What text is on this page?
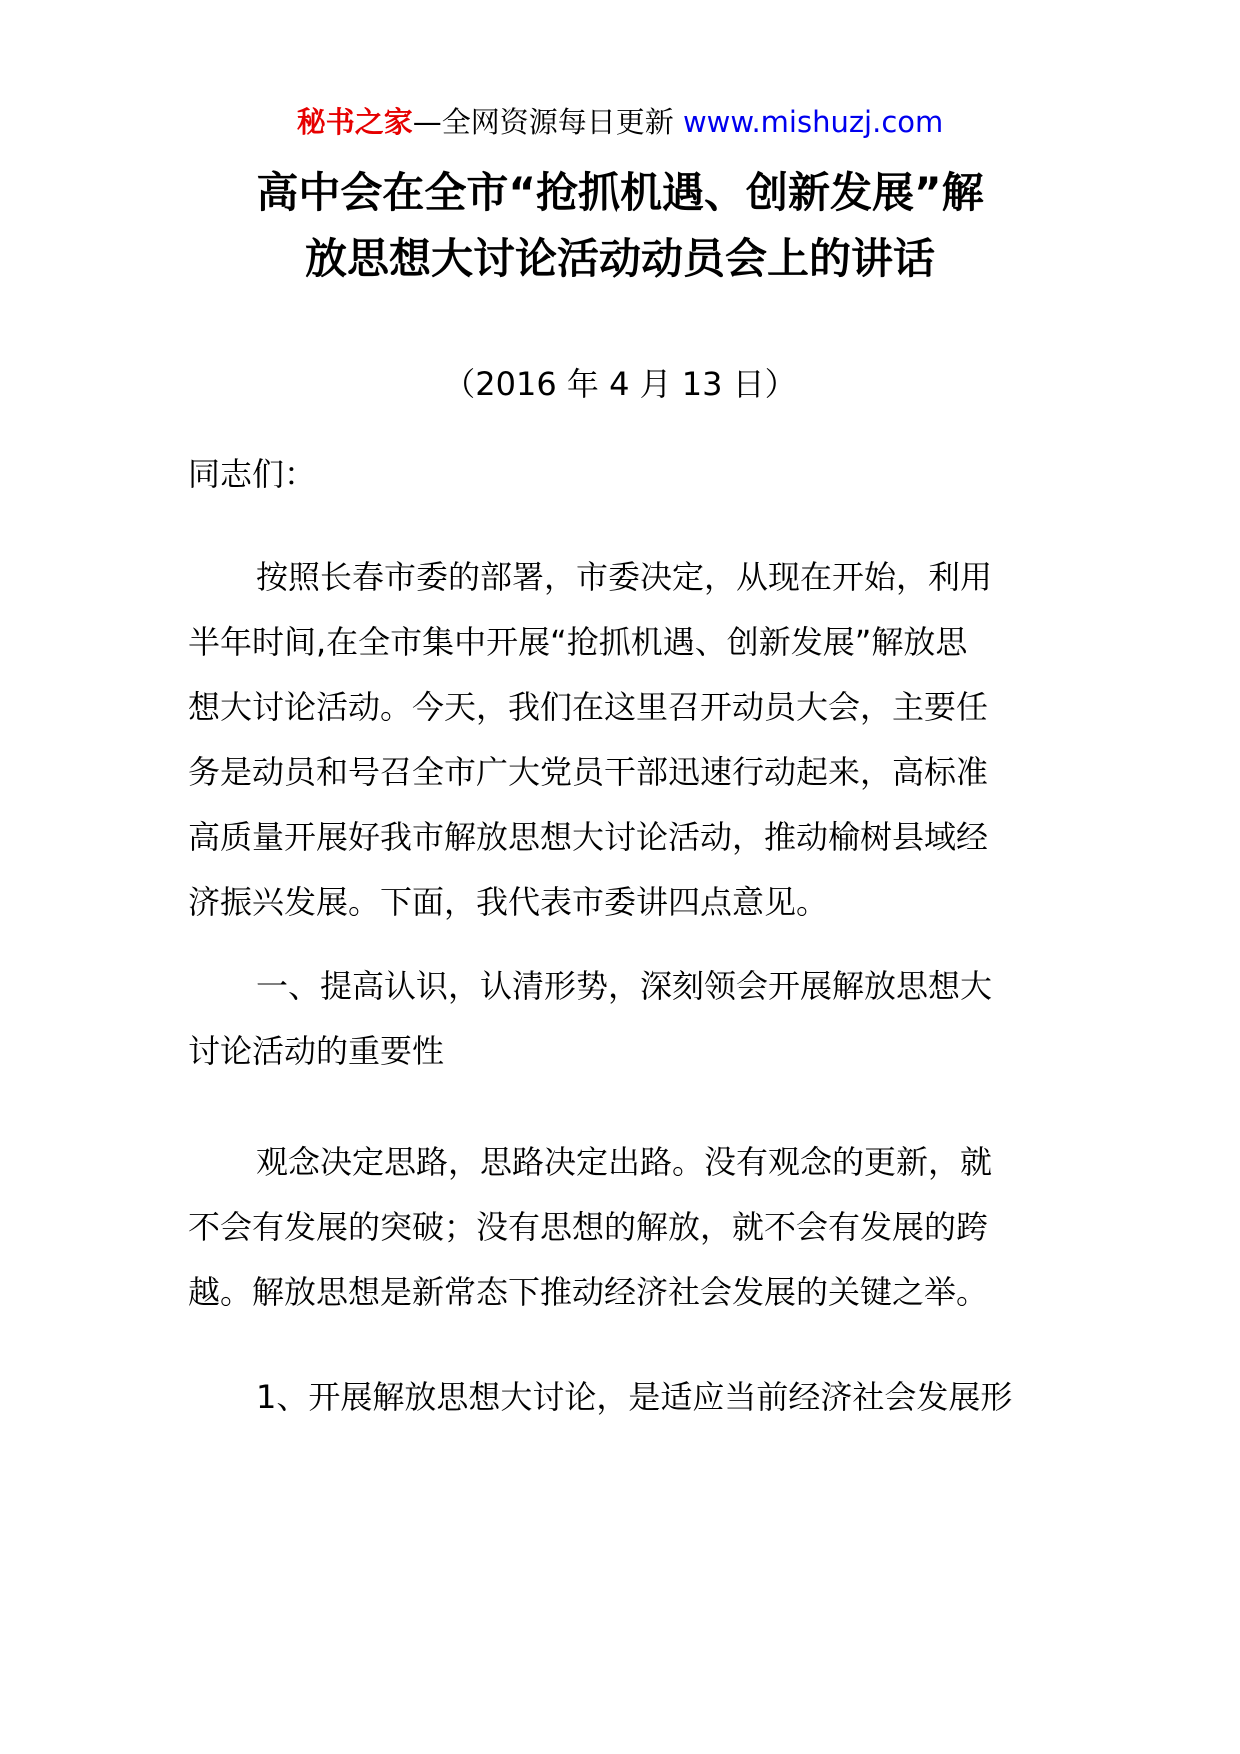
秘书之家—全网资源每日更新 www.mishuzj.com
高中会在全市“抢抓机遇、创新发展”解
放思想大讨论活动动员会上的讲话
（2016 年 4 月 13 日）
同志们：
按照长春市委的部署，市委决定，从现在开始，利用
半年时间,在全市集中开展“抢抓机遇、创新发展”解放思
想大讨论活动。今天，我们在这里召开动员大会，主要任
务是动员和号召全市广大党员干部迅速行动起来，高标准
高质量开展好我市解放思想大讨论活动，推动榆树县域经
济振兴发展。下面，我代表市委讲四点意见。
一、提高认识，认清形势，深刻领会开展解放思想大
讨论活动的重要性
观念决定思路，思路决定出路。没有观念的更新，就
不会有发展的突破；没有思想的解放，就不会有发展的跨
越。解放思想是新常态下推动经济社会发展的关键之举。
1、开展解放思想大讨论，是适应当前经济社会发展形
